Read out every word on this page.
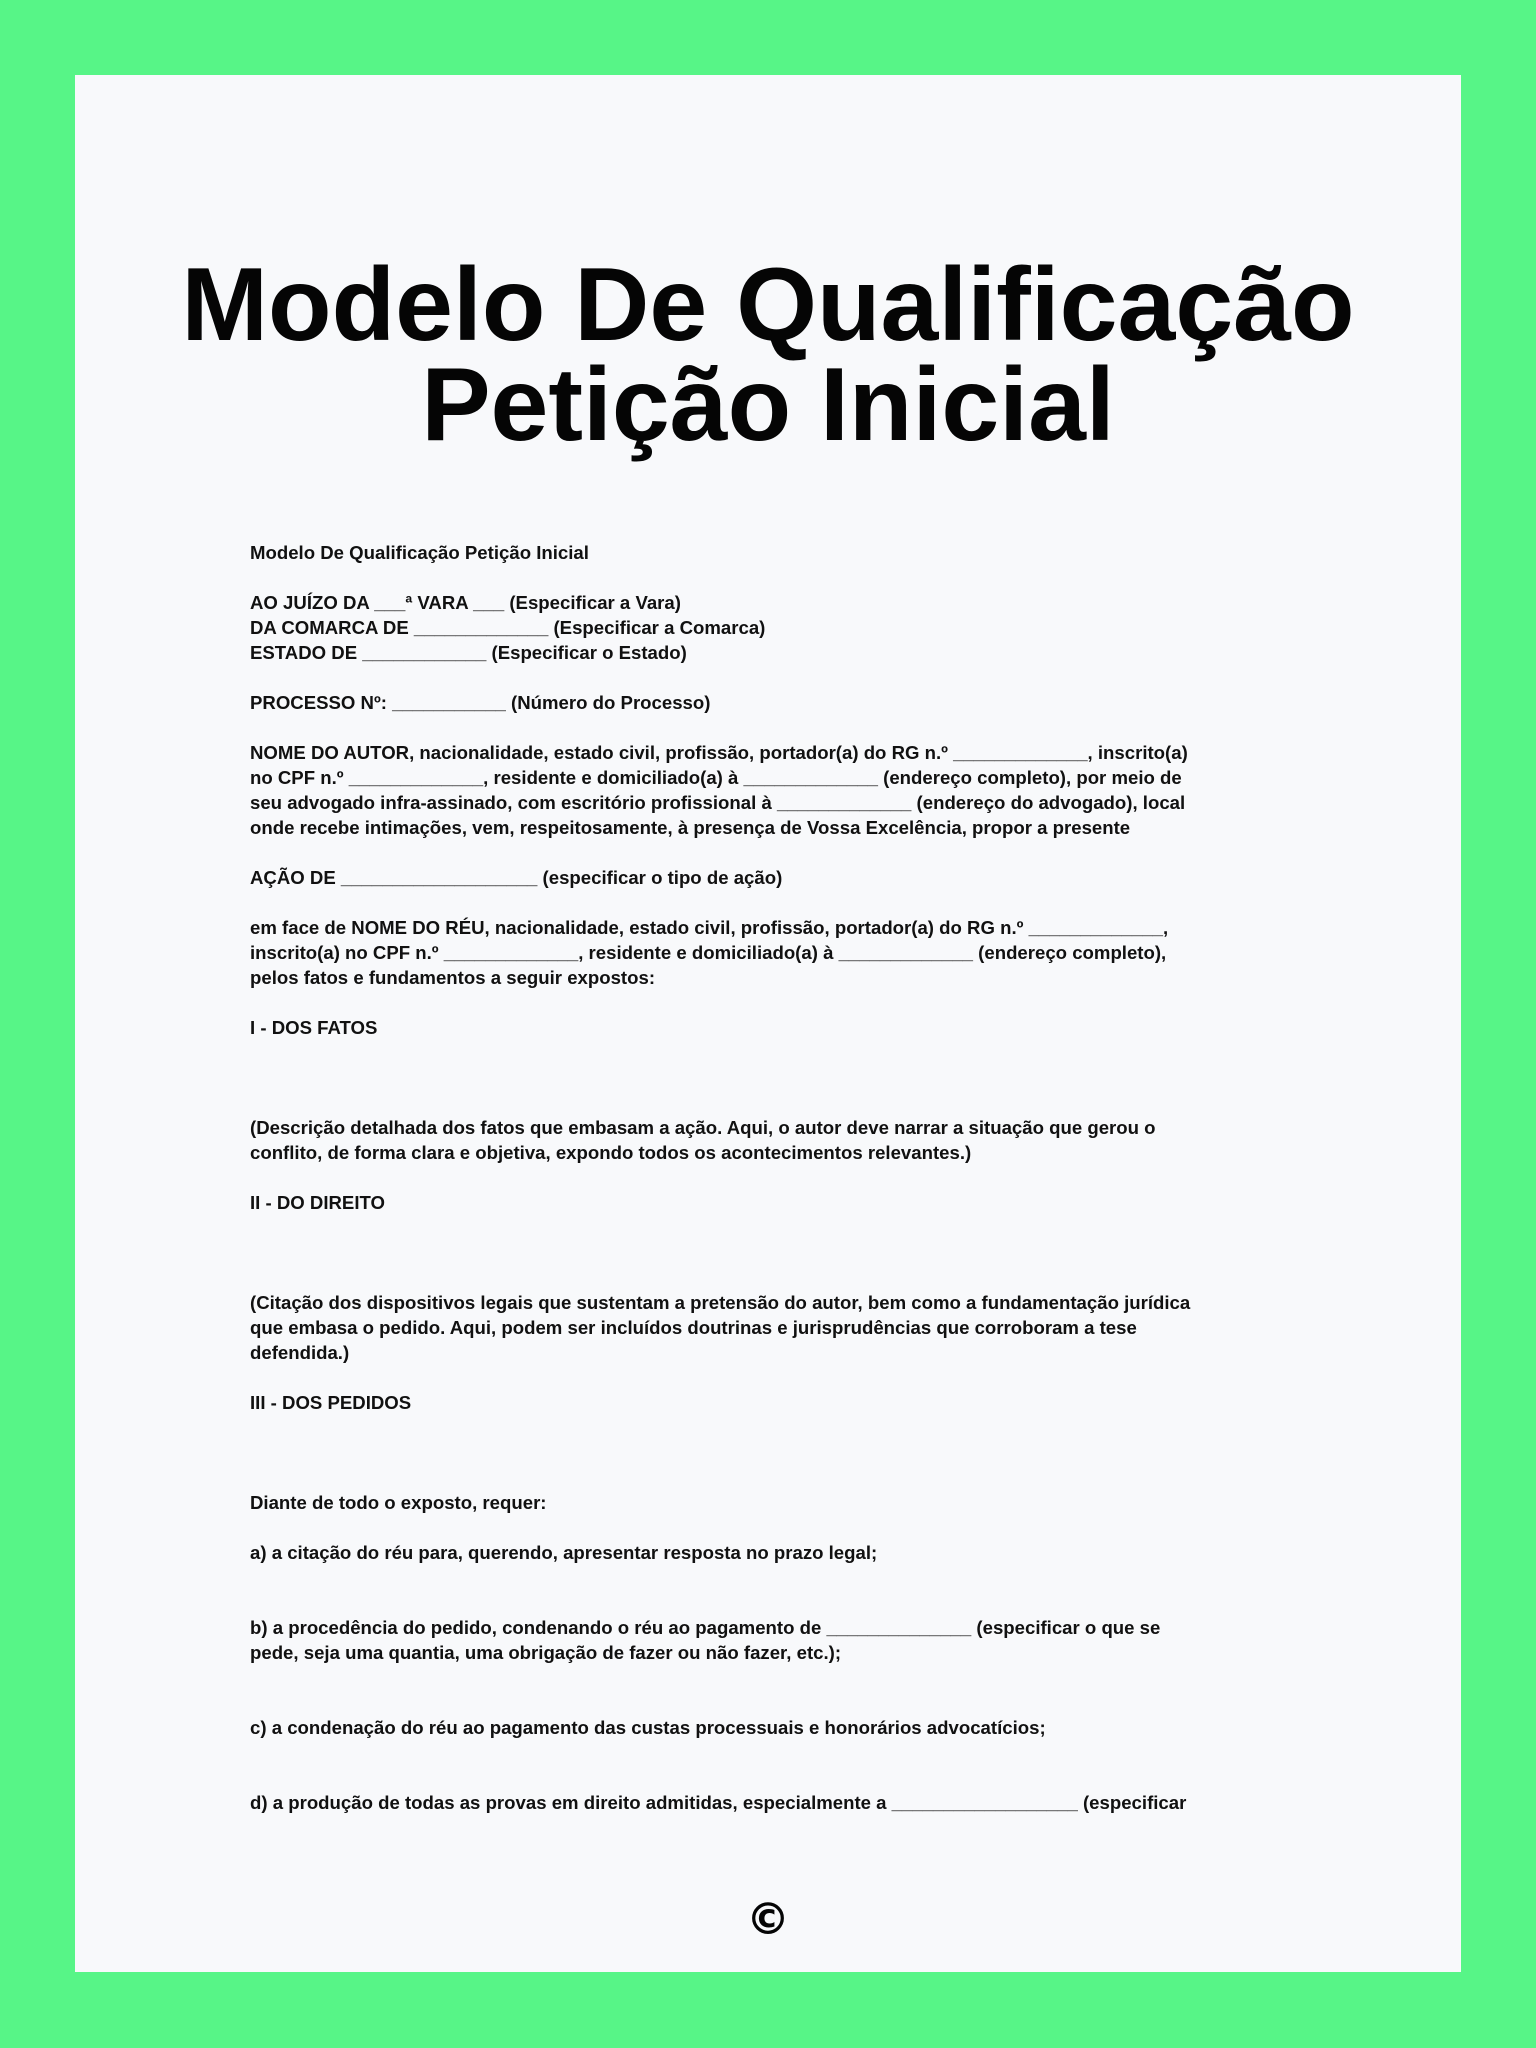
Modelo De Qualificação
Petição Inicial

Modelo De Qualificação Petição Inicial

AO JUÍZO DA ___ª VARA ___ (Especificar a Vara)
DA COMARCA DE _____________ (Especificar a Comarca)
ESTADO DE ____________ (Especificar o Estado)

PROCESSO Nº: ___________ (Número do Processo)

NOME DO AUTOR, nacionalidade, estado civil, profissão, portador(a) do RG n.º _____________, inscrito(a)
no CPF n.º _____________, residente e domiciliado(a) à _____________ (endereço completo), por meio de
seu advogado infra-assinado, com escritório profissional à _____________ (endereço do advogado), local
onde recebe intimações, vem, respeitosamente, à presença de Vossa Excelência, propor a presente

AÇÃO DE ___________________ (especificar o tipo de ação)

em face de NOME DO RÉU, nacionalidade, estado civil, profissão, portador(a) do RG n.º _____________,
inscrito(a) no CPF n.º _____________, residente e domiciliado(a) à _____________ (endereço completo),
pelos fatos e fundamentos a seguir expostos:

I - DOS FATOS

(Descrição detalhada dos fatos que embasam a ação. Aqui, o autor deve narrar a situação que gerou o
conflito, de forma clara e objetiva, expondo todos os acontecimentos relevantes.)

II - DO DIREITO

(Citação dos dispositivos legais que sustentam a pretensão do autor, bem como a fundamentação jurídica
que embasa o pedido. Aqui, podem ser incluídos doutrinas e jurisprudências que corroboram a tese
defendida.)

III - DOS PEDIDOS

Diante de todo o exposto, requer:

a) a citação do réu para, querendo, apresentar resposta no prazo legal;

b) a procedência do pedido, condenando o réu ao pagamento de ______________ (especificar o que se
pede, seja uma quantia, uma obrigação de fazer ou não fazer, etc.);

c) a condenação do réu ao pagamento das custas processuais e honorários advocatícios;

d) a produção de todas as provas em direito admitidas, especialmente a __________________ (especificar

©
